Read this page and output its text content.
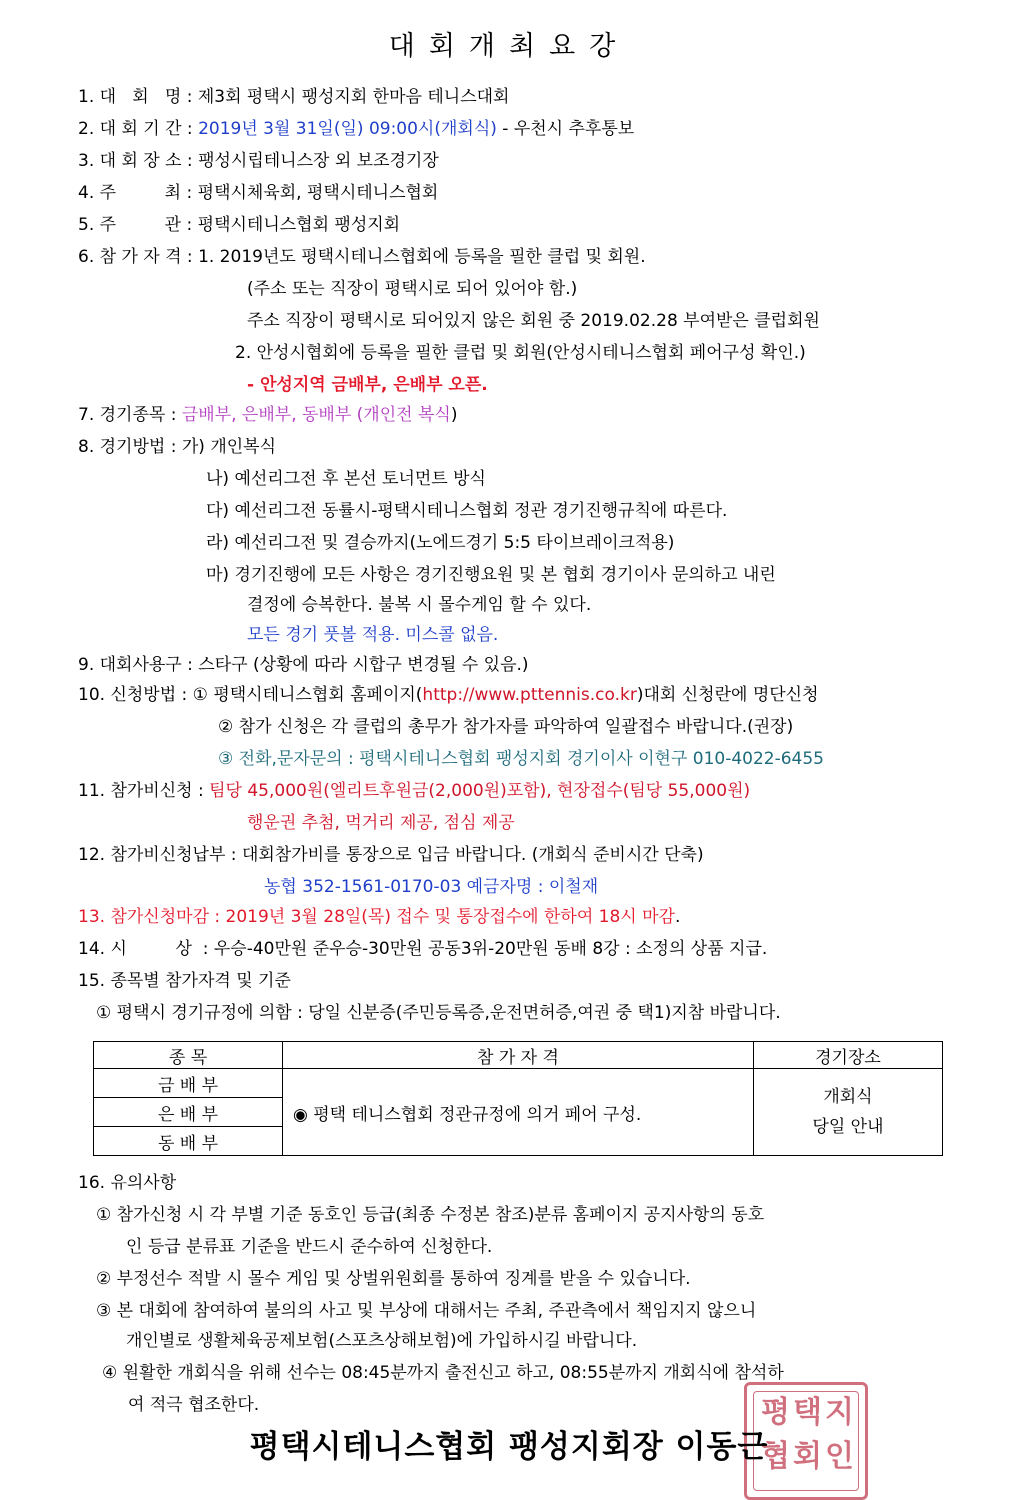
대회개최요강
1. 대   회   명 : 제3회 평택시 팽성지회 한마음 테니스대회
2. 대 회 기 간 : 2019년 3월 31일(일) 09:00시(개회식) - 우천시 추후통보
3. 대 회 장 소 : 팽성시립테니스장 외 보조경기장
4. 주         최 : 평택시체육회, 평택시테니스협회
5. 주         관 : 평택시테니스협회 팽성지회
6. 참 가 자 격 : 1. 2019년도 평택시테니스협회에 등록을 필한 클럽 및 회원.
(주소 또는 직장이 평택시로 되어 있어야 함.)
주소 직장이 평택시로 되어있지 않은 회원 중 2019.02.28 부여받은 클럽회원
2. 안성시협회에 등록을 필한 클럽 및 회원(안성시테니스협회 페어구성 확인.)
- 안성지역 금배부, 은배부 오픈.
7. 경기종목 : 금배부, 은배부, 동배부 (개인전 복식)
8. 경기방법 : 가) 개인복식
나) 예선리그전 후 본선 토너먼트 방식
다) 예선리그전 동률시-평택시테니스협회 정관 경기진행규칙에 따른다.
라) 예선리그전 및 결승까지(노에드경기 5:5 타이브레이크적용)
마) 경기진행에 모든 사항은 경기진행요원 및 본 협회 경기이사 문의하고 내린
결정에 승복한다. 불복 시 몰수게임 할 수 있다.
모든 경기 풋볼 적용. 미스콜 없음.
9. 대회사용구 : 스타구 (상황에 따라 시합구 변경될 수 있음.)
10. 신청방법 : ① 평택시테니스협회 홈페이지(http://www.pttennis.co.kr)대회 신청란에 명단신청
② 참가 신청은 각 클럽의 총무가 참가자를 파악하여 일괄접수 바랍니다.(권장)
③ 전화,문자문의 : 평택시테니스협회 팽성지회 경기이사 이현구 010-4022-6455
11. 참가비신청 : 팀당 45,000원(엘리트후원금(2,000원)포함), 현장접수(팀당 55,000원)
행운권 추첨, 먹거리 제공, 점심 제공
12. 참가비신청납부 : 대회참가비를 통장으로 입금 바랍니다. (개회식 준비시간 단축)
농협 352-1561-0170-03 예금자명 : 이철재
13. 참가신청마감 : 2019년 3월 28일(목) 접수 및 통장접수에 한하여 18시 마감.
14. 시         상  : 우승-40만원 준우승-30만원 공동3위-20만원 동배 8강 : 소정의 상품 지급.
15. 종목별 참가자격 및 기준
① 평택시 경기규정에 의함 : 당일 신분증(주민등록증,운전면허증,여권 중 택1)지참 바랍니다.
종 목	참 가 자 격	경기장소
금 배 부	◉ 평택 테니스협회 정관규정에 의거 페어 구성.	개회식
당일 안내

은 배 부		
동 배 부		
16. 유의사항
① 참가신청 시 각 부별 기준 동호인 등급(최종 수정본 참조)분류 홈페이지 공지사항의 동호
인 등급 분류표 기준을 반드시 준수하여 신청한다.
② 부정선수 적발 시 몰수 게임 및 상벌위원회를 통하여 징계를 받을 수 있습니다.
③ 본 대회에 참여하여 불의의 사고 및 부상에 대해서는 주최, 주관측에서 책임지지 않으니
개인별로 생활체육공제보험(스포츠상해보험)에 가입하시길 바랍니다.
④ 원활한 개회식을 위해 선수는 08:45분까지 출전신고 하고, 08:55분까지 개회식에 참석하
여 적극 협조한다.	평 택 지
협 회 인
평택시테니스협회 팽성지회장 이동근
